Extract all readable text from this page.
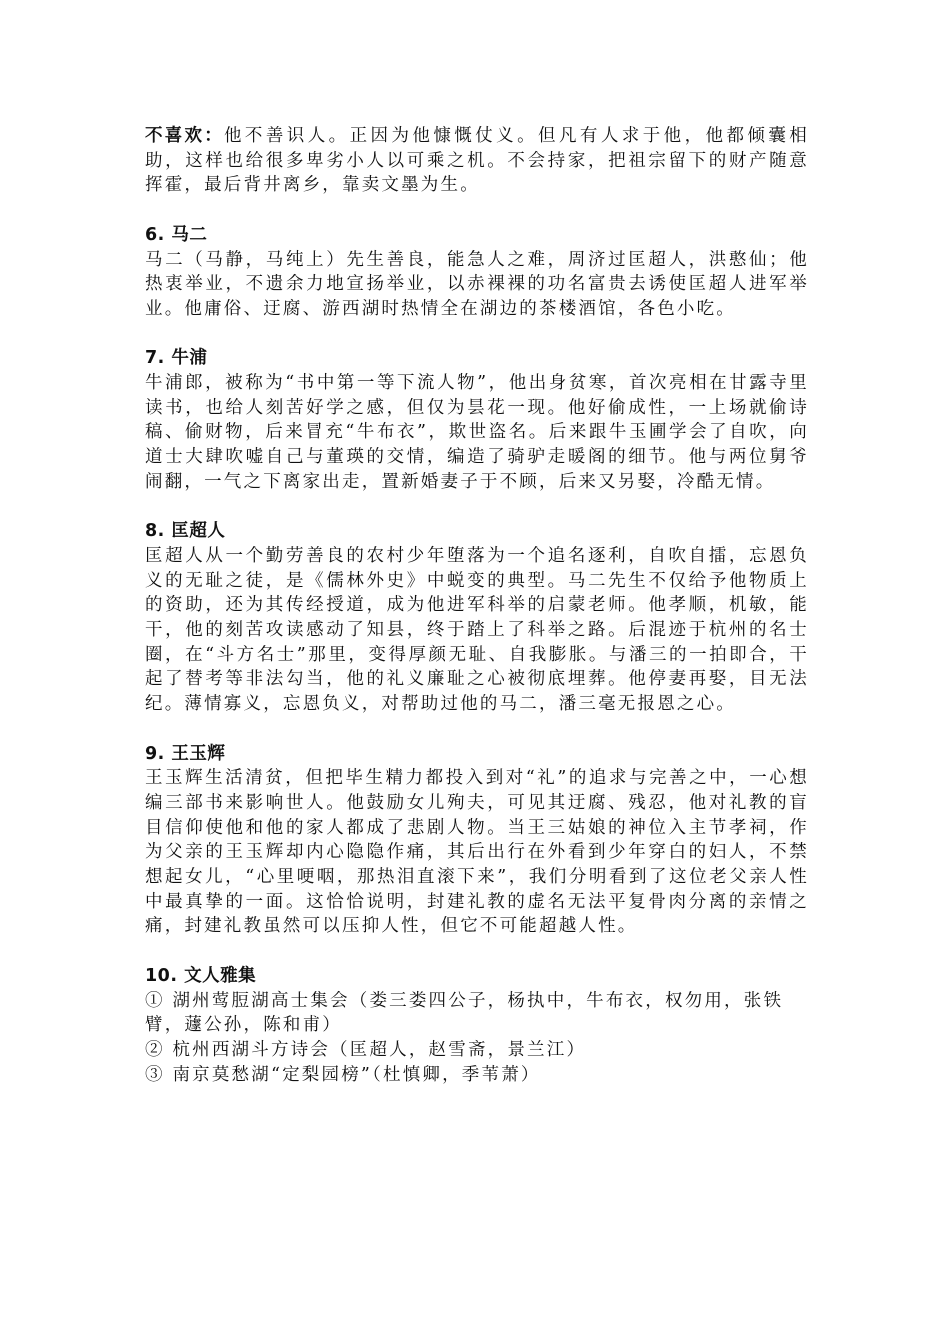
不喜欢：他不善识人。正因为他慷慨仗义。但凡有人求于他，他都倾囊相助，这样也给很多卑劣小人以可乘之机。不会持家，把祖宗留下的财产随意挥霍，最后背井离乡，靠卖文墨为生。

6. 马二

马二（马静，马纯上）先生善良，能急人之难，周济过匡超人，洪憨仙；他热衷举业，不遗余力地宣扬举业，以赤裸裸的功名富贵去诱使匡超人进军举业。他庸俗、迂腐、游西湖时热情全在湖边的茶楼酒馆，各色小吃。

7. 牛浦

牛浦郎，被称为“书中第一等下流人物”，他出身贫寒，首次亮相在甘露寺里读书，也给人刻苦好学之感，但仅为昙花一现。他好偷成性，一上场就偷诗稿、偷财物，后来冒充“牛布衣”，欺世盗名。后来跟牛玉圃学会了自吹，向道士大肆吹嘘自己与董瑛的交情，编造了骑驴走暖阁的细节。他与两位舅爷闹翻，一气之下离家出走，置新婚妻子于不顾，后来又另娶，冷酷无情。

8. 匡超人

匡超人从一个勤劳善良的农村少年堕落为一个追名逐利，自吹自擂，忘恩负义的无耻之徒，是《儒林外史》中蜕变的典型。马二先生不仅给予他物质上的资助，还为其传经授道，成为他进军科举的启蒙老师。他孝顺，机敏，能干，他的刻苦攻读感动了知县，终于踏上了科举之路。后混迹于杭州的名士圈，在“斗方名士”那里，变得厚颜无耻、自我膨胀。与潘三的一拍即合，干起了替考等非法勾当，他的礼义廉耻之心被彻底埋葬。他停妻再娶，目无法纪。薄情寡义，忘恩负义，对帮助过他的马二，潘三毫无报恩之心。

9. 王玉辉

王玉辉生活清贫，但把毕生精力都投入到对“礼”的追求与完善之中，一心想编三部书来影响世人。他鼓励女儿殉夫，可见其迂腐、残忍，他对礼教的盲目信仰使他和他的家人都成了悲剧人物。当王三姑娘的神位入主节孝祠，作为父亲的王玉辉却内心隐隐作痛，其后出行在外看到少年穿白的妇人，不禁想起女儿，“心里哽咽，那热泪直滚下来”，我们分明看到了这位老父亲人性中最真挚的一面。这恰恰说明，封建礼教的虚名无法平复骨肉分离的亲情之痛，封建礼教虽然可以压抑人性，但它不可能超越人性。

10. 文人雅集

① 湖州莺脰湖高士集会（娄三娄四公子，杨执中，牛布衣，权勿用，张铁臂，蘧公孙，陈和甫）

② 杭州西湖斗方诗会（匡超人，赵雪斋，景兰江）

③ 南京莫愁湖“定梨园榜”（杜慎卿，季苇萧）
